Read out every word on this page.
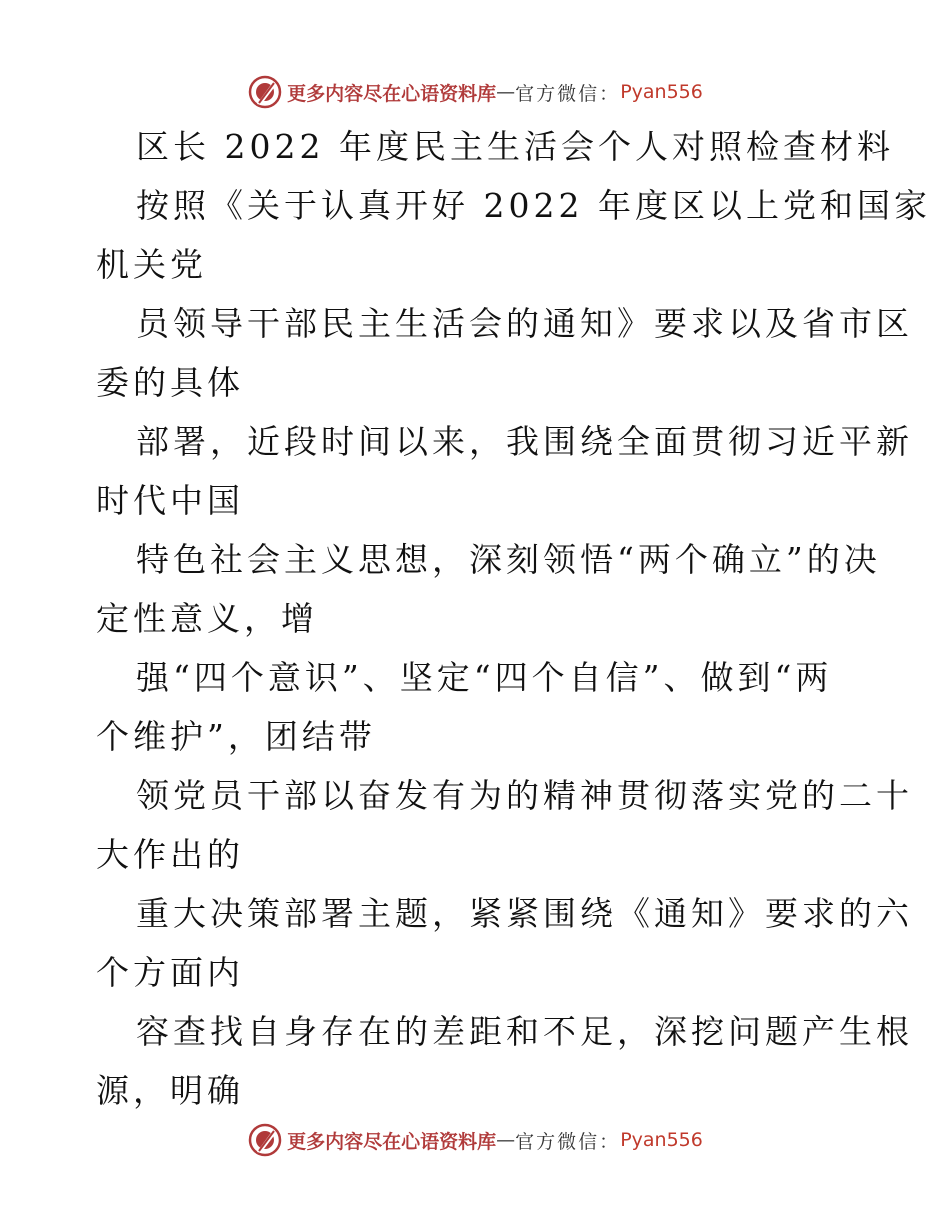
更多内容尽在心语资料库 — 官方微信： Pyan556
区长 2022 年度民主生活会个人对照检查材料
按照《关于认真开好 2022 年度区以上党和国家
机关党
员领导干部民主生活会的通知》要求以及省市区
委的具体
部署，近段时间以来，我围绕全面贯彻习近平新
时代中国
特色社会主义思想，深刻领悟“两个确立”的决
定性意义，增
强“四个意识”、坚定“四个自信”、做到“两
个维护”，团结带
领党员干部以奋发有为的精神贯彻落实党的二十
大作出的
重大决策部署主题，紧紧围绕《通知》要求的六
个方面内
容查找自身存在的差距和不足，深挖问题产生根
源，明确
更多内容尽在心语资料库 — 官方微信： Pyan556
